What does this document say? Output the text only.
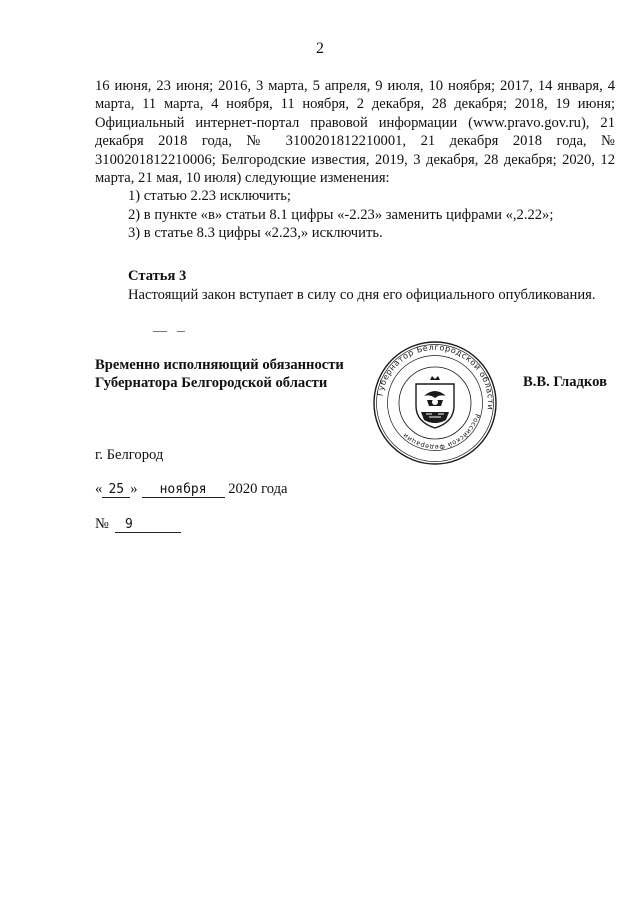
2

16 июня, 23 июня; 2016, 3 марта, 5 апреля, 9 июля, 10 ноября; 2017, 14 января, 4 марта, 11 марта, 4 ноября, 11 ноября, 2 декабря, 28 декабря; 2018, 19 июня; Официальный интернет-портал правовой информации (www.pravo.gov.ru), 21 декабря 2018 года, № 3100201812210001, 21 декабря 2018 года, № 3100201812210006; Белгородские известия, 2019, 3 декабря, 28 декабря; 2020, 12 марта, 21 мая, 10 июля) следующие изменения:

1) статью 2.23 исключить;

2) в пункте «в» статьи 8.1 цифры «-2.23» заменить цифрами «,2.22»;

3) в статье 8.3 цифры «2.23,» исключить.

Статья 3
Настоящий закон вступает в силу со дня его официального опубликования.
Временно исполняющий обязанности
Губернатора Белгородской области	В.В. Гладков
Губернатор Белгородской области
Российской Федерации
г. Белгород
« 25 » ноября 2020 года
№ 9
